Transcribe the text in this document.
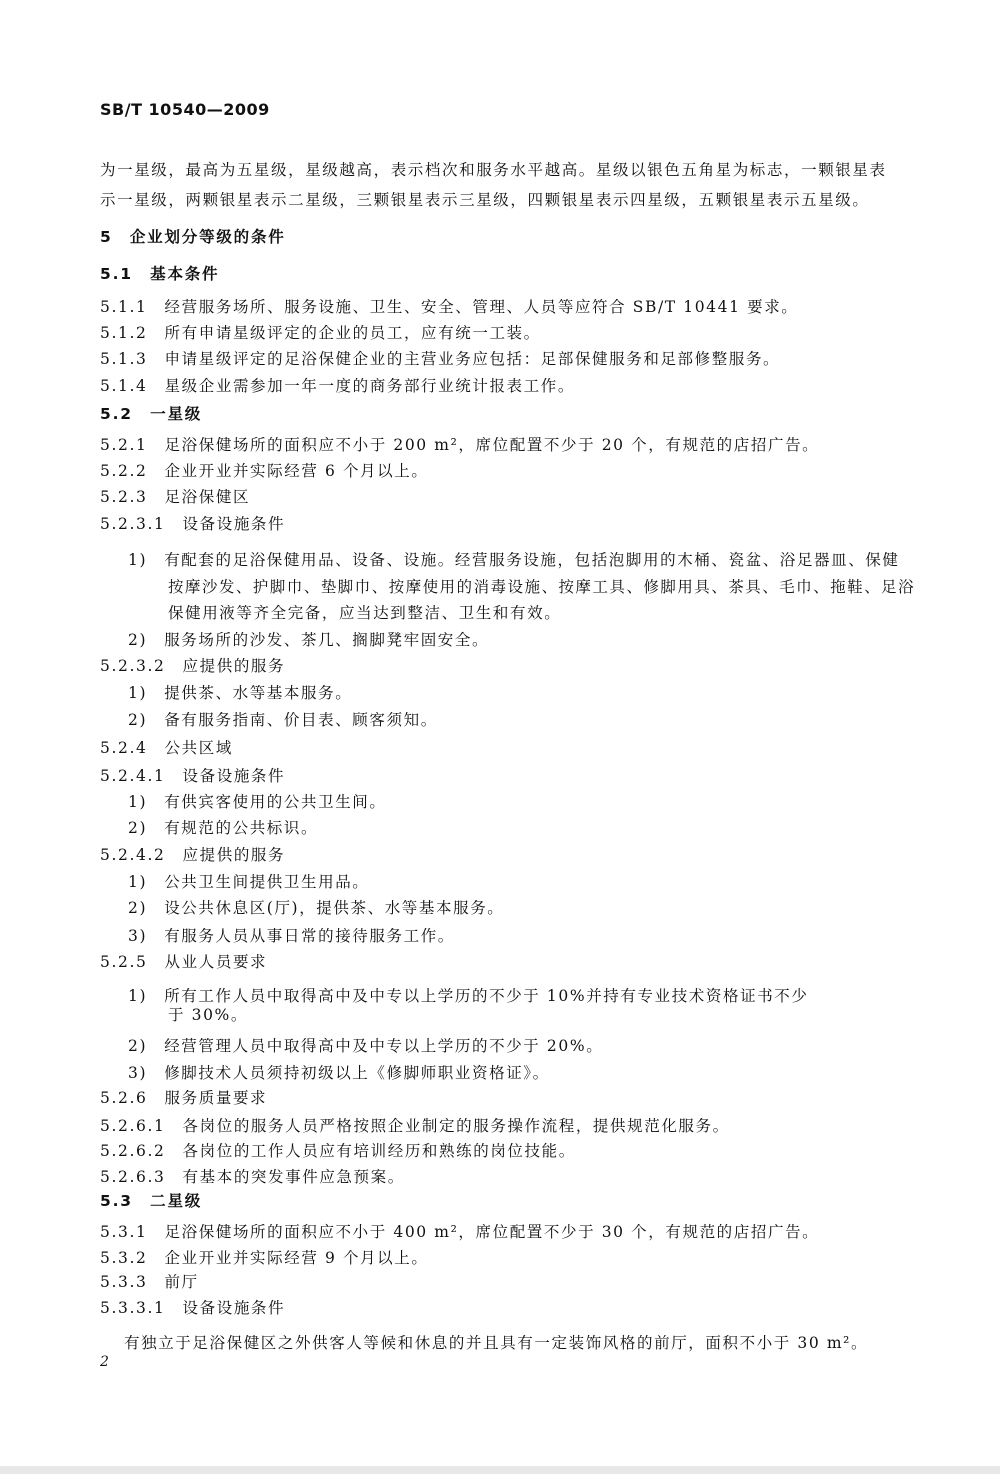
SB/T 10540—2009
为一星级，最高为五星级，星级越高，表示档次和服务水平越高。星级以银色五角星为标志，一颗银星表
示一星级，两颗银星表示二星级，三颗银星表示三星级，四颗银星表示四星级，五颗银星表示五星级。
5　企业划分等级的条件
5.1　基本条件
5.1.1　经营服务场所、服务设施、卫生、安全、管理、人员等应符合 SB/T 10441 要求。
5.1.2　所有申请星级评定的企业的员工，应有统一工装。
5.1.3　申请星级评定的足浴保健企业的主营业务应包括：足部保健服务和足部修整服务。
5.1.4　星级企业需参加一年一度的商务部行业统计报表工作。
5.2　一星级
5.2.1　足浴保健场所的面积应不小于 200 m²，席位配置不少于 20 个，有规范的店招广告。
5.2.2　企业开业并实际经营 6 个月以上。
5.2.3　足浴保健区
5.2.3.1　设备设施条件
1)　有配套的足浴保健用品、设备、设施。经营服务设施，包括泡脚用的木桶、瓷盆、浴足器皿、保健
按摩沙发、护脚巾、垫脚巾、按摩使用的消毒设施、按摩工具、修脚用具、茶具、毛巾、拖鞋、足浴
保健用液等齐全完备，应当达到整洁、卫生和有效。
2)　服务场所的沙发、茶几、搁脚凳牢固安全。
5.2.3.2　应提供的服务
1)　提供茶、水等基本服务。
2)　备有服务指南、价目表、顾客须知。
5.2.4　公共区域
5.2.4.1　设备设施条件
1)　有供宾客使用的公共卫生间。
2)　有规范的公共标识。
5.2.4.2　应提供的服务
1)　公共卫生间提供卫生用品。
2)　设公共休息区(厅)，提供茶、水等基本服务。
3)　有服务人员从事日常的接待服务工作。
5.2.5　从业人员要求
1)　所有工作人员中取得高中及中专以上学历的不少于 10%并持有专业技术资格证书不少
于 30%。
2)　经营管理人员中取得高中及中专以上学历的不少于 20%。
3)　修脚技术人员须持初级以上《修脚师职业资格证》。
5.2.6　服务质量要求
5.2.6.1　各岗位的服务人员严格按照企业制定的服务操作流程，提供规范化服务。
5.2.6.2　各岗位的工作人员应有培训经历和熟练的岗位技能。
5.2.6.3　有基本的突发事件应急预案。
5.3　二星级
5.3.1　足浴保健场所的面积应不小于 400 m²，席位配置不少于 30 个，有规范的店招广告。
5.3.2　企业开业并实际经营 9 个月以上。
5.3.3　前厅
5.3.3.1　设备设施条件
有独立于足浴保健区之外供客人等候和休息的并且具有一定装饰风格的前厅，面积不小于 30 m²。
2
